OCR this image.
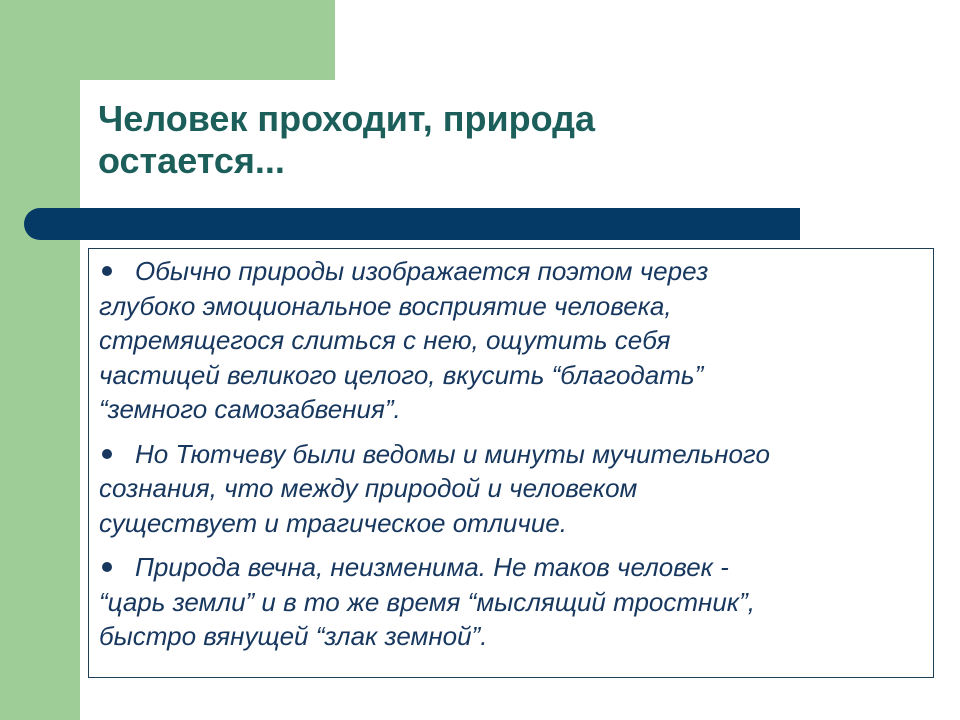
Человек проходит, природа
остается...
Обычно природы изображается поэтом через
глубоко эмоциональное восприятие человека,
стремящегося слиться с нею, ощутить себя
частицей великого целого, вкусить “благодать”
“земного самозабвения”.
Но Тютчеву были ведомы и минуты мучительного
сознания, что между природой и человеком
существует и трагическое отличие.
Природа вечна, неизменима. Не таков человек -
“царь земли” и в то же время “мыслящий тростник”,
быстро вянущей “злак земной”.
